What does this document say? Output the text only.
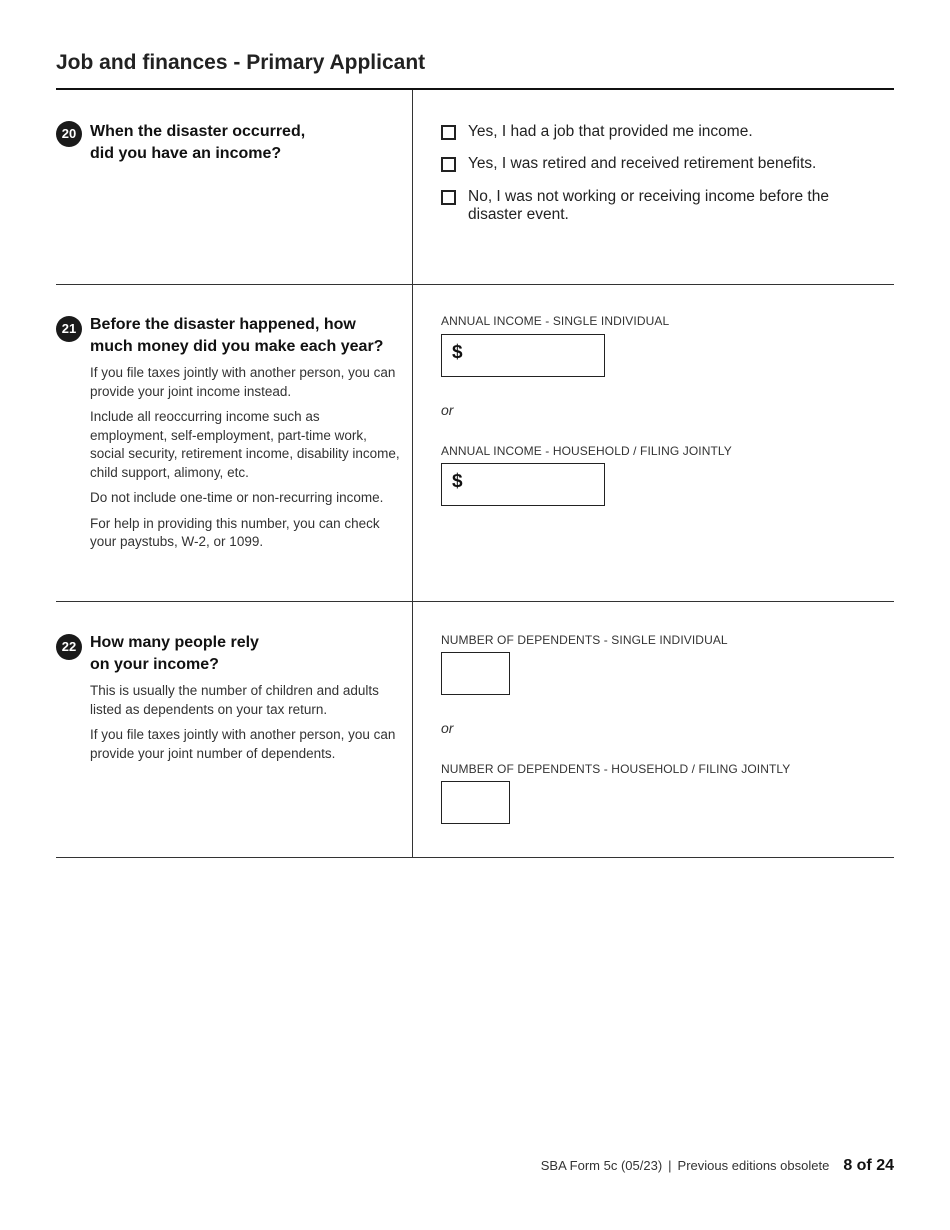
Job and finances - Primary Applicant
20 When the disaster occurred,
did you have an income?
Yes, I had a job that provided me income.
Yes, I was retired and received retirement benefits.
No, I was not working or receiving income before the disaster event.
21 Before the disaster happened, how
much money did you make each year?

If you file taxes jointly with another person, you can provide your joint income instead.

Include all reoccurring income such as employment, self-employment, part-time work, social security, retirement income, disability income, child support, alimony, etc.

Do not include one-time or non-recurring income.

For help in providing this number, you can check your paystubs, W-2, or 1099.

ANNUAL INCOME - SINGLE INDIVIDUAL
$
or
ANNUAL INCOME - HOUSEHOLD / FILING JOINTLY
$
22 How many people rely
on your income?

This is usually the number of children and adults listed as dependents on your tax return.

If you file taxes jointly with another person, you can provide your joint number of dependents.

NUMBER OF DEPENDENTS - SINGLE INDIVIDUAL
or
NUMBER OF DEPENDENTS - HOUSEHOLD / FILING JOINTLY
SBA Form 5c (05/23) | Previous editions obsolete 8 of 24
